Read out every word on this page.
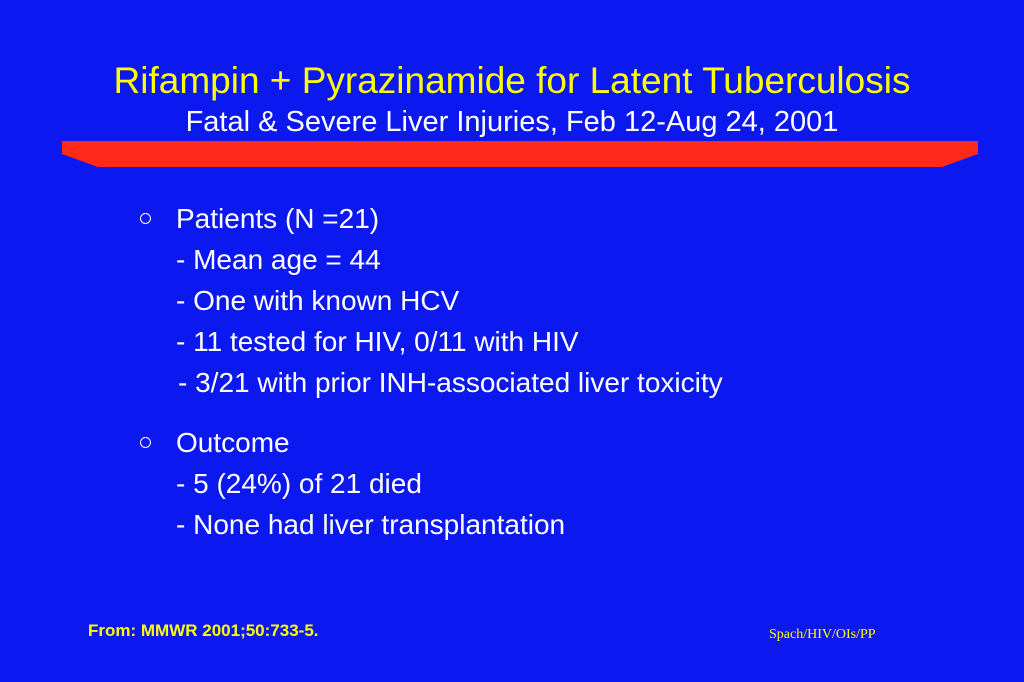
Rifampin + Pyrazinamide for Latent Tuberculosis
Fatal & Severe Liver Injuries, Feb 12-Aug 24, 2001
Patients (N =21)
- Mean age = 44
- One with known HCV
- 11 tested for HIV, 0/11 with HIV
- 3/21 with prior INH-associated liver toxicity
Outcome
- 5 (24%) of 21 died
- None had liver transplantation
From: MMWR 2001;50:733-5.	Spach/HIV/OIs/PP
